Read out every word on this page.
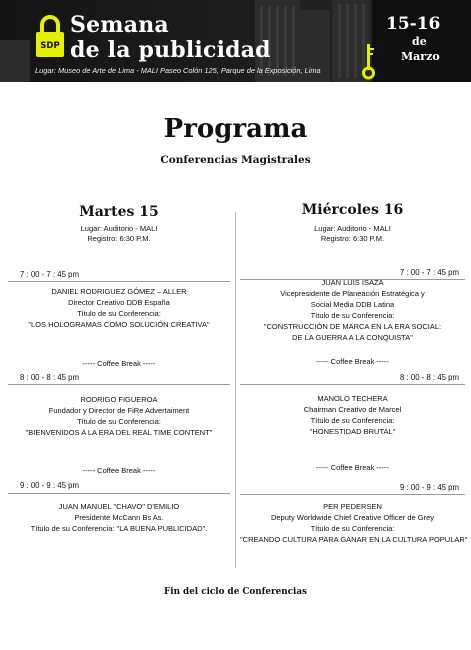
SDP
Semana
de la publicidad
Lugar: Museo de Arte de Lima - MALI Paseo Colón 125, Parque de la Exposición, Lima
15-16
de
Marzo
Programa
Conferencias Magistrales
Martes 15
Lugar: Auditorio - MALI
Registro: 6:30 P.M.
7 : 00 - 7 : 45 pm
DANIEL RODRIGUEZ GÓMEZ – ALLER
Director Creativo DDB España
Título de su Conferencia:
"LOS HOLOGRAMAS COMO SOLUCIÓN CREATIVA"
----- Coffee Break -----
8 : 00 - 8 : 45 pm
RODRIGO FIGUEROA
Fundador y Director de FiRe Advertaiment
Título de su Conferencia:
"BIENVENIDOS A LA ERA DEL REAL TIME CONTENT"
----- Coffee Break -----
9 : 00 - 9 : 45 pm
JUAN MANUEL "CHAVO" D'EMILIO
Presidente McCann Bs As.
Título de su Conferencia: "LA BUENA PUBLICIDAD".
Miércoles 16
Lugar: Auditorio - MALI
Registro: 6:30 P.M.
7 : 00 - 7 : 45 pm
JUAN LUIS ISAZA
Vicepresidente de Planeación Estratégica y
Social Media DDB Latina
Título de su Conferencia:
"CONSTRUCCIÓN DE MARCA EN LA ERA SOCIAL:
DE LA GUERRA A LA CONQUISTA"
----- Coffee Break -----
8 : 00 - 8 : 45 pm
MANOLO TECHERA
Chairman Creativo de Marcel
Título de su Conferencia:
"HONESTIDAD BRUTAL"
----- Coffee Break -----
9 : 00 - 9 : 45 pm
PER PEDERSEN
Deputy Worldwide Chief Creative Officer de Grey
Título de su Conferencia:
"CREANDO CULTURA PARA GANAR EN LA CULTURA POPULAR"
Fin del ciclo de Conferencias
